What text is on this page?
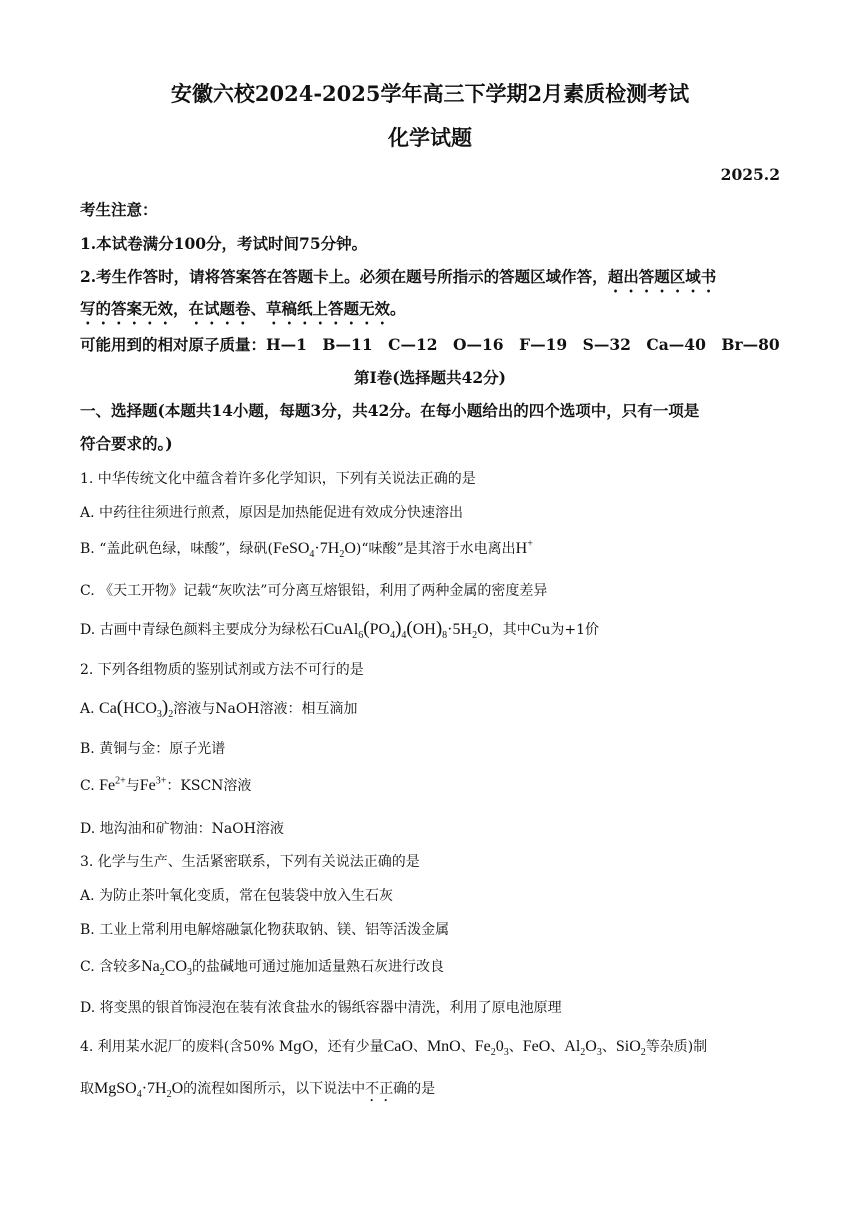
安徽六校2024-2025学年高三下学期2月素质检测考试
化学试题
2025.2
考生注意：
1.本试卷满分100分，考试时间75分钟。
2.考生作答时，请将答案答在答题卡上。必须在题号所指示的答题区域作答，超出答题区域书
写的答案无效，在试题卷、草稿纸上答题无效。
可能用到的相对原子质量：H—1　B—11　C—12　O—16　F—19　S—32　Ca—40　Br—80
第Ⅰ卷(选择题共42分)
一、选择题(本题共14小题，每题3分，共42分。在每小题给出的四个选项中，只有一项是
符合要求的。)
1. 中华传统文化中蕴含着许多化学知识，下列有关说法正确的是
A. 中药往往须进行煎煮，原因是加热能促进有效成分快速溶出
B. “盖此矾色绿，味酸”，绿矾$(FeSO_4\cdot 7H_2O)“$味酸”是其溶于水电离出H+
C. 《天工开物》记载“灰吹法”可分离互熔银铅，利用了两种金属的密度差异
D. 古画中青绿色颜料主要成分为绿松石$CuAl_6(PO_4)_4(OH)_8\cdot 5H_2O$，其中Cu为+1价
2. 下列各组物质的鉴别试剂或方法不可行的是
A. $Ca(HCO_3)_2$溶液与NaOH溶液：相互滴加
B. 黄铜与金：原子光谱
C. $Fe^{2+}$与$Fe^{3+}$：KSCN溶液
D. 地沟油和矿物油：NaOH溶液
3. 化学与生产、生活紧密联系，下列有关说法正确的是
A. 为防止茶叶氧化变质，常在包装袋中放入生石灰
B. 工业上常利用电解熔融氯化物获取钠、镁、铝等活泼金属
C. 含较多$Na_2CO_3$的盐碱地可通过施加适量熟石灰进行改良
D. 将变黑的银首饰浸泡在装有浓食盐水的锡纸容器中清洗，利用了原电池原理
4. 利用某水泥厂的废料(含50% MgO，还有少量CaO、MnO、$Fe_20_3$、FeO、$Al_2O_3$、SiO$_2$等杂质)制
取$MgSO_4\cdot 7H_2O$的流程如图所示，以下说法中不正确的是
